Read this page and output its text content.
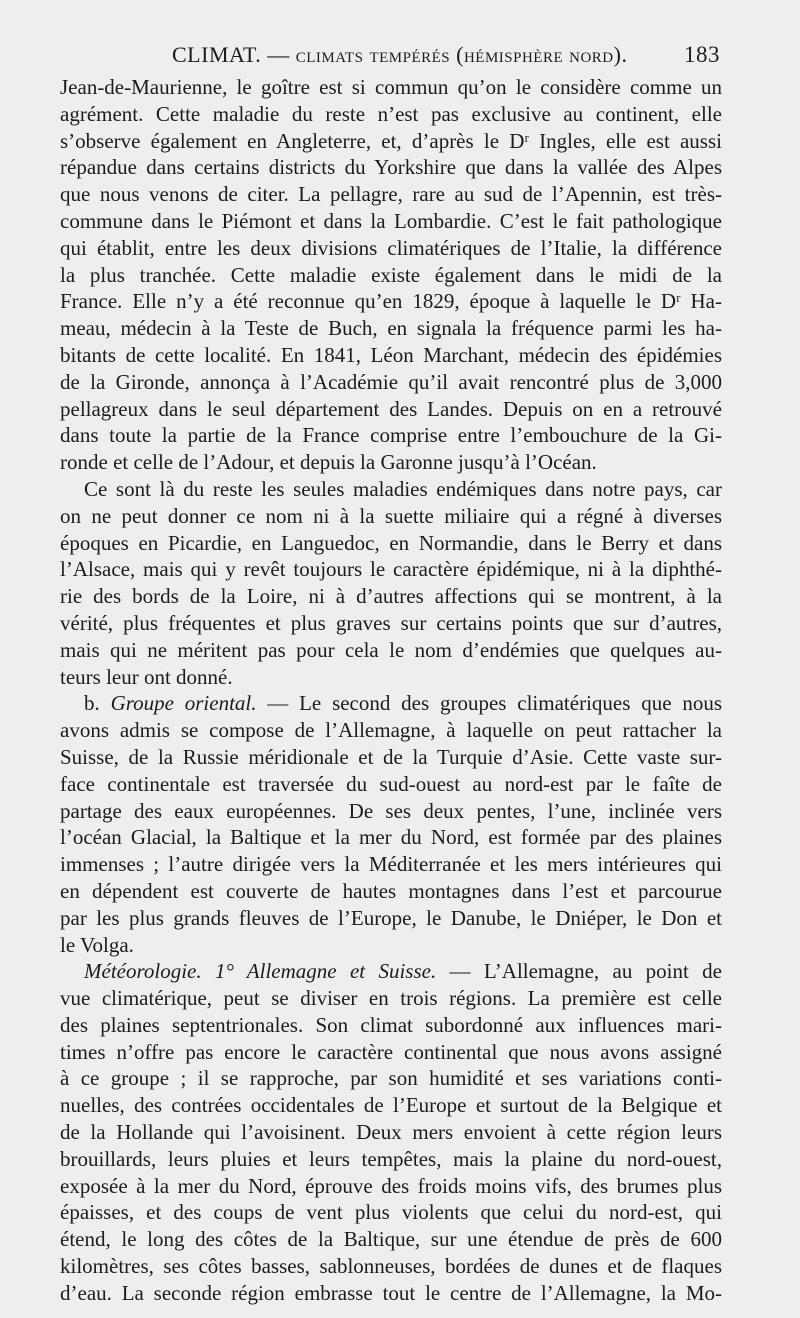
CLIMAT. — climats tempérés (hémisphère nord). 183
Jean-de-Maurienne, le goître est si commun qu’on le considère comme un
agrément. Cette maladie du reste n’est pas exclusive au continent, elle
s’observe également en Angleterre, et, d’après le Dʳ Ingles, elle est aussi
répandue dans certains districts du Yorkshire que dans la vallée des Alpes
que nous venons de citer. La pellagre, rare au sud de l’Apennin, est très-
commune dans le Piémont et dans la Lombardie. C’est le fait pathologique
qui établit, entre les deux divisions climatériques de l’Italie, la différence
la plus tranchée. Cette maladie existe également dans le midi de la
France. Elle n’y a été reconnue qu’en 1829, époque à laquelle le Dʳ Ha-
meau, médecin à la Teste de Buch, en signala la fréquence parmi les ha-
bitants de cette localité. En 1841, Léon Marchant, médecin des épidémies
de la Gironde, annonça à l’Académie qu’il avait rencontré plus de 3,000
pellagreux dans le seul département des Landes. Depuis on en a retrouvé
dans toute la partie de la France comprise entre l’embouchure de la Gi-
ronde et celle de l’Adour, et depuis la Garonne jusqu’à l’Océan.
Ce sont là du reste les seules maladies endémiques dans notre pays, car
on ne peut donner ce nom ni à la suette miliaire qui a régné à diverses
époques en Picardie, en Languedoc, en Normandie, dans le Berry et dans
l’Alsace, mais qui y revêt toujours le caractère épidémique, ni à la diphthé-
rie des bords de la Loire, ni à d’autres affections qui se montrent, à la
vérité, plus fréquentes et plus graves sur certains points que sur d’autres,
mais qui ne méritent pas pour cela le nom d’endémies que quelques au-
teurs leur ont donné.
b. Groupe oriental. — Le second des groupes climatériques que nous
avons admis se compose de l’Allemagne, à laquelle on peut rattacher la
Suisse, de la Russie méridionale et de la Turquie d’Asie. Cette vaste sur-
face continentale est traversée du sud-ouest au nord-est par le faîte de
partage des eaux européennes. De ses deux pentes, l’une, inclinée vers
l’océan Glacial, la Baltique et la mer du Nord, est formée par des plaines
immenses ; l’autre dirigée vers la Méditerranée et les mers intérieures qui
en dépendent est couverte de hautes montagnes dans l’est et parcourue
par les plus grands fleuves de l’Europe, le Danube, le Dniéper, le Don et
le Volga.
Météorologie. 1° Allemagne et Suisse. — L’Allemagne, au point de
vue climatérique, peut se diviser en trois régions. La première est celle
des plaines septentrionales. Son climat subordonné aux influences mari-
times n’offre pas encore le caractère continental que nous avons assigné
à ce groupe ; il se rapproche, par son humidité et ses variations conti-
nuelles, des contrées occidentales de l’Europe et surtout de la Belgique et
de la Hollande qui l’avoisinent. Deux mers envoient à cette région leurs
brouillards, leurs pluies et leurs tempêtes, mais la plaine du nord-ouest,
exposée à la mer du Nord, éprouve des froids moins vifs, des brumes plus
épaisses, et des coups de vent plus violents que celui du nord-est, qui
étend, le long des côtes de la Baltique, sur une étendue de près de 600
kilomètres, ses côtes basses, sablonneuses, bordées de dunes et de flaques
d’eau. La seconde région embrasse tout le centre de l’Allemagne, la Mo-
